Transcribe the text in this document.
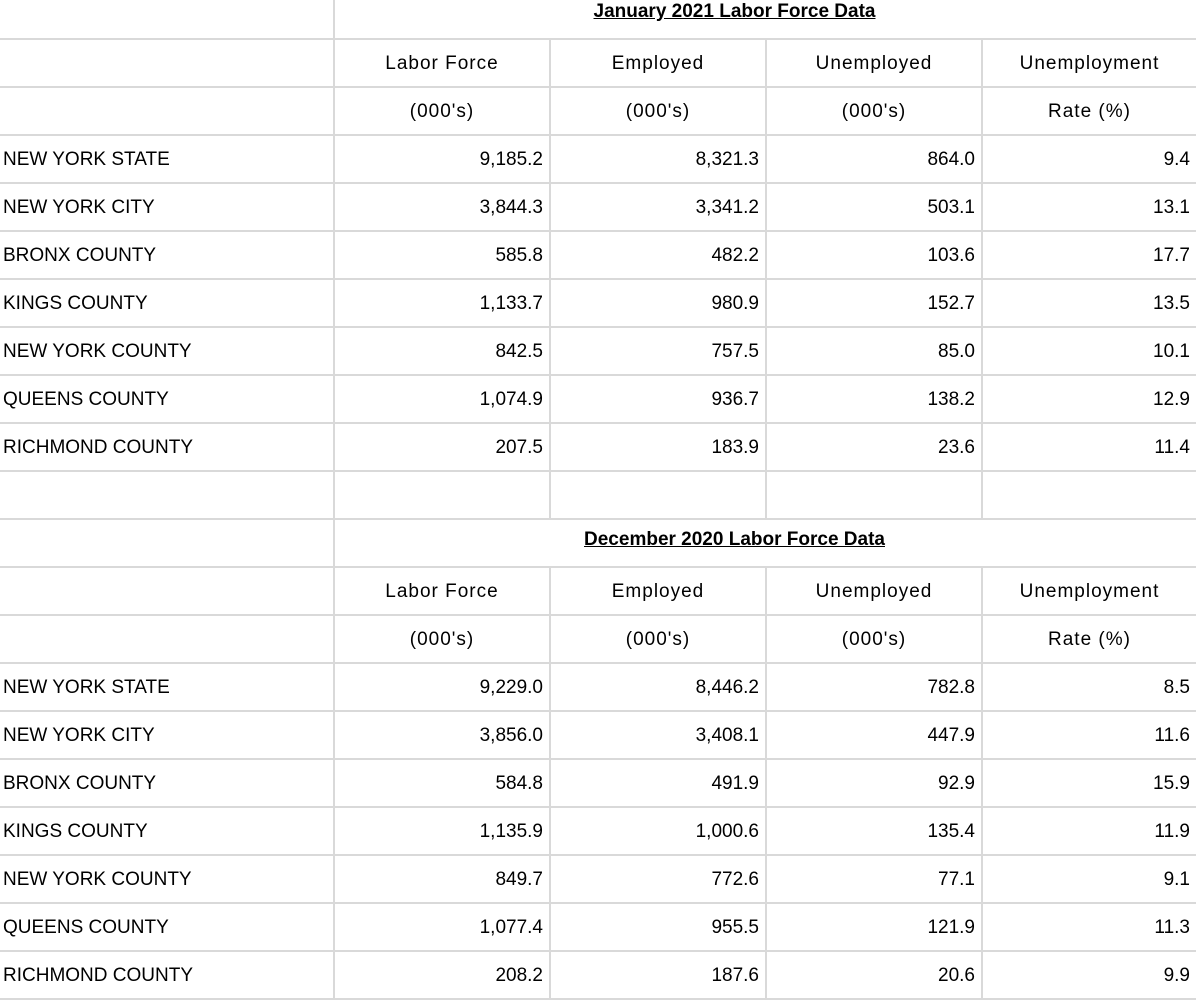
January 2021 Labor Force Data
Labor Force	Employed	Unemployed	Unemployment
(000's)	(000's)	(000's)	Rate (%)
NEW YORK STATE	9,185.2	8,321.3	864.0	9.4
NEW YORK CITY	3,844.3	3,341.2	503.1	13.1
BRONX COUNTY	585.8	482.2	103.6	17.7
KINGS COUNTY	1,133.7	980.9	152.7	13.5
NEW YORK COUNTY	842.5	757.5	85.0	10.1
QUEENS COUNTY	1,074.9	936.7	138.2	12.9
RICHMOND COUNTY	207.5	183.9	23.6	11.4
December 2020 Labor Force Data
Labor Force	Employed	Unemployed	Unemployment
(000's)	(000's)	(000's)	Rate (%)
NEW YORK STATE	9,229.0	8,446.2	782.8	8.5
NEW YORK CITY	3,856.0	3,408.1	447.9	11.6
BRONX COUNTY	584.8	491.9	92.9	15.9
KINGS COUNTY	1,135.9	1,000.6	135.4	11.9
NEW YORK COUNTY	849.7	772.6	77.1	9.1
QUEENS COUNTY	1,077.4	955.5	121.9	11.3
RICHMOND COUNTY	208.2	187.6	20.6	9.9
